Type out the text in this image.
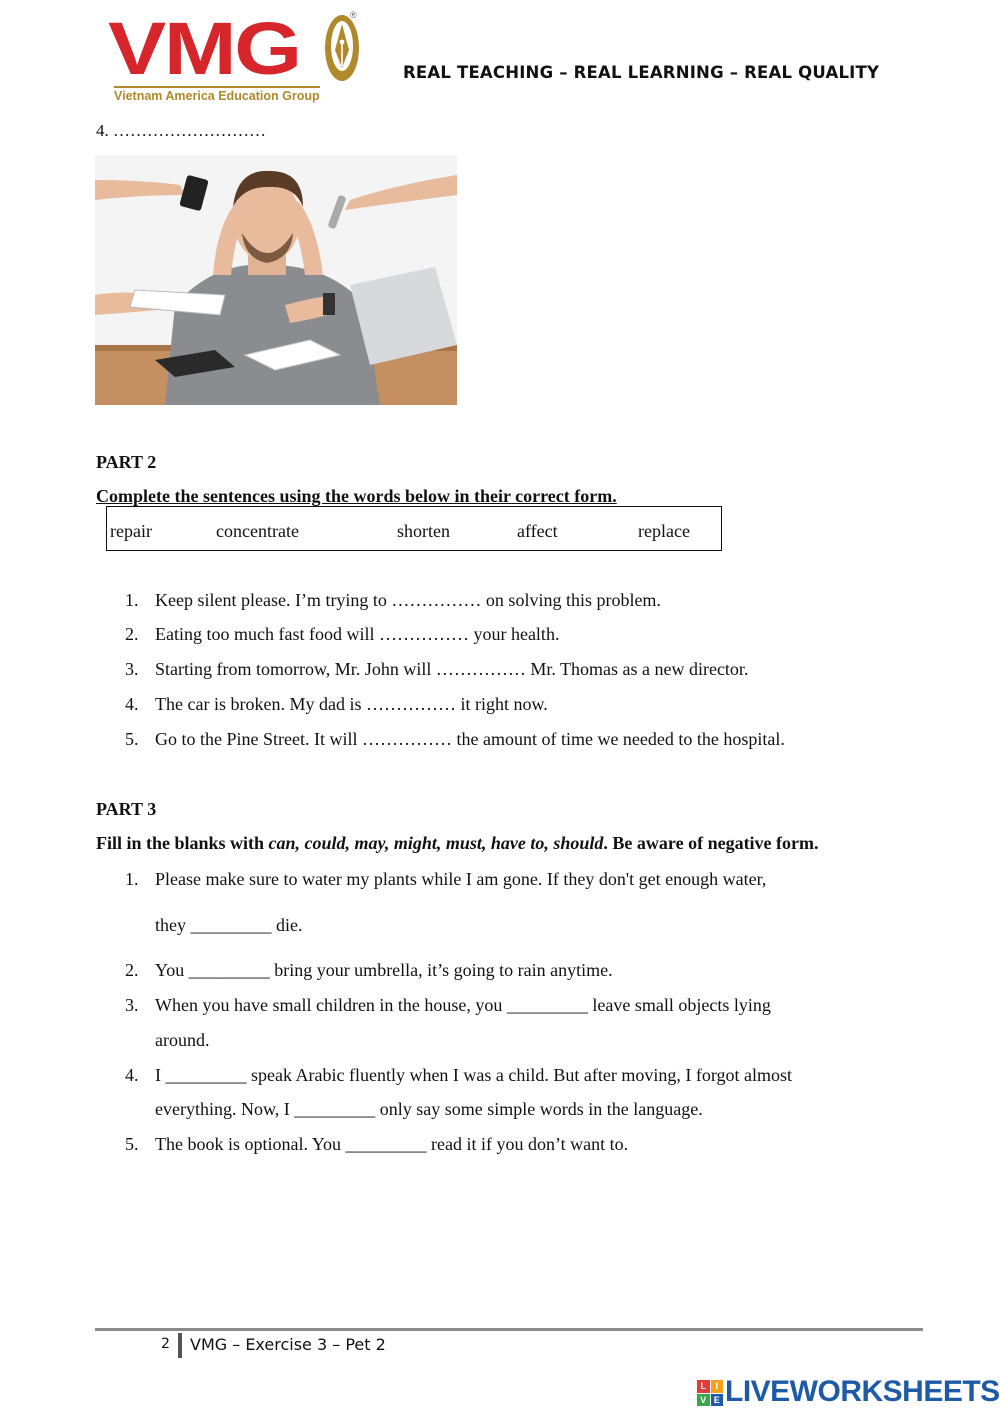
VMG	®
Vietnam America Education Group
REAL TEACHING – REAL LEARNING – REAL QUALITY
4. ………………………
PART 2
Complete the sentences using the words below in their correct form.
repair	concentrate	shorten	affect	replace
1. Keep silent please. I’m trying to …………… on solving this problem.
2. Eating too much fast food will …………… your health.
3. Starting from tomorrow, Mr. John will …………… Mr. Thomas as a new director.
4. The car is broken. My dad is …………… it right now.
5. Go to the Pine Street. It will …………… the amount of time we needed to the hospital.
PART 3
Fill in the blanks with can, could, may, might, must, have to, should. Be aware of negative form.
1. Please make sure to water my plants while I am gone. If they don't get enough water,
they _________ die.
2. You _________ bring your umbrella, it’s going to rain anytime.
3. When you have small children in the house, you _________ leave small objects lying
around.
4. I _________ speak Arabic fluently when I was a child. But after moving, I forgot almost
everything. Now, I _________ only say some simple words in the language.
5. The book is optional. You _________ read it if you don’t want to.
2 VMG – Exercise 3 – Pet 2
L	I
V E LIVEWORKSHEETS
